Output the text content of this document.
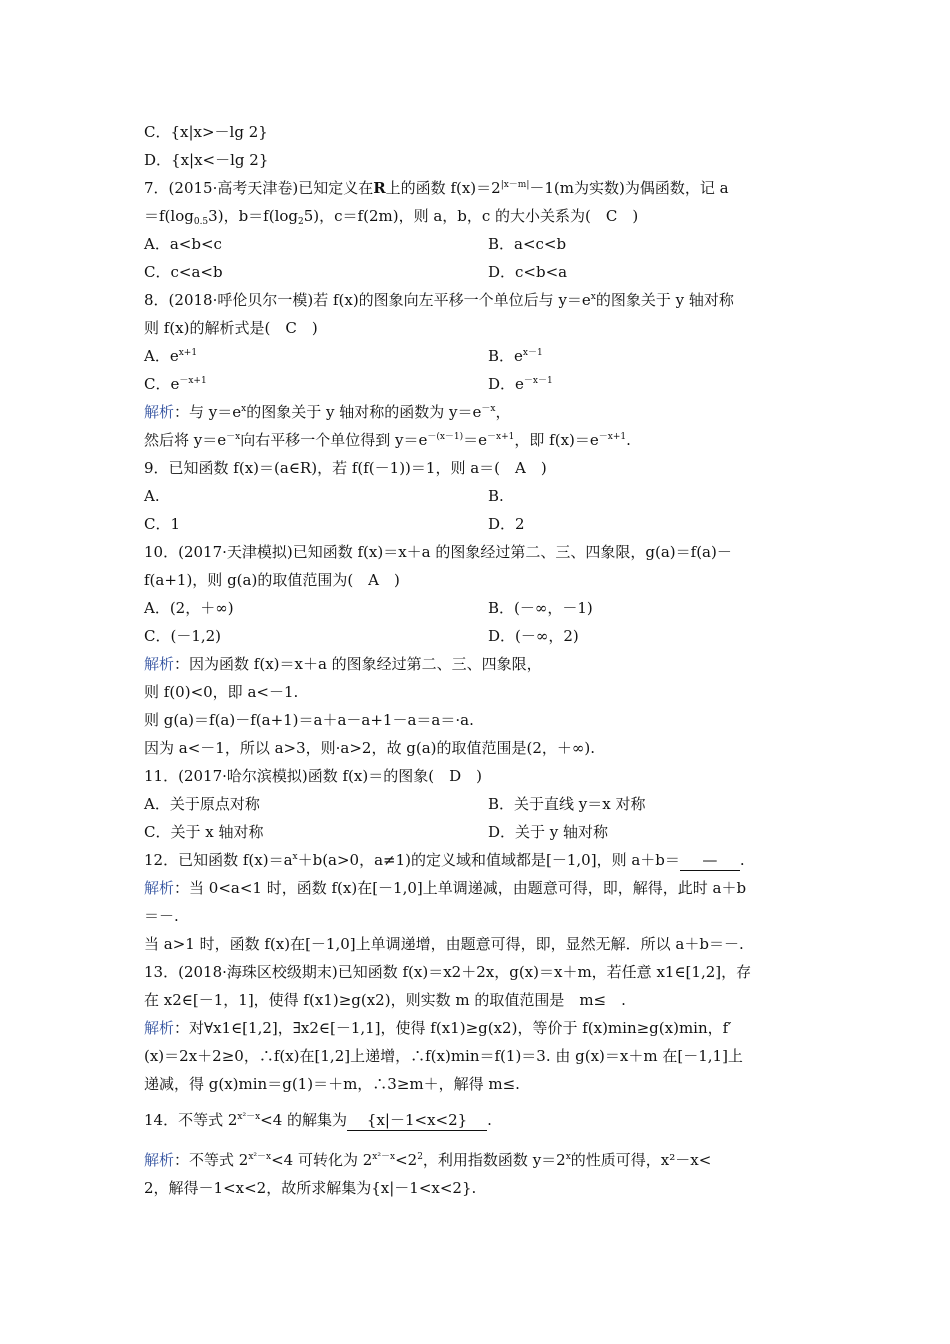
C．{x|x>－lg 2}
D．{x|x<－lg 2}
7．(2015·高考天津卷)已知定义在R上的函数 $f(x)=2^{|x-m|}-1(m$为实数)为偶函数，记 a
$=f(\log_{0.5}3)$，$b=f(\log_25)$，c＝f(2m)，则 a，b，c 的大小关系为(　C　)
A．a<b<c	B．a<c<b
C．c<a<b	D．c<b<a
8．(2018·呼伦贝尔一模)若 f(x)的图象向左平移一个单位后与 $y=e^x$的图象关于 y 轴对称
则 f(x)的解析式是(　C　)
A．$e^{x+1}$	B．$e^{x-1}$
C．$e^{-x+1}$	D．$e^{-x-1}$
解析：与 $y=e^x$的图象关于 y 轴对称的函数为 $y=e^{-x}$，
然后将 $y=e^{-x}$向右平移一个单位得到 $y=e^{-(x-1)}=e^{-x+1}$，即 $f(x)=e^{-x+1}$.
9．已知函数 f(x)＝(a∈R)，若 f(f(－1))＝1，则 a＝(　A　)
A.	B.
C．1	D．2
10．(2017·天津模拟)已知函数 f(x)＝x＋a 的图象经过第二、三、四象限，g(a)＝f(a)－
f(a+1)，则 g(a)的取值范围为(　A　)
A．(2，＋∞)	B．(－∞，－1)
C．(－1,2)	D．(－∞，2)
解析：因为函数 f(x)＝x＋a 的图象经过第二、三、四象限，
则 f(0)<0，即 a<－1.
则 g(a)＝f(a)－f(a+1)＝a＋a－a+1－a＝a＝·a.
因为 a<－1，所以 a>3，则·a>2，故 g(a)的取值范围是(2，＋∞).
11．(2017·哈尔滨模拟)函数 f(x)＝的图象(　D　)
A．关于原点对称	B．关于直线 y＝x 对称
C．关于 x 轴对称	D．关于 y 轴对称
12．已知函数 $f(x)=a^x+b(a>0$，a≠1)的定义域和值域都是[－1,0]，则 a＋b＝ — .
解析：当 0<a<1 时，函数 f(x)在[－1,0]上单调递减，由题意可得，即，解得，此时 a＋b
＝－.
当 a>1 时，函数 f(x)在[－1,0]上单调递增，由题意可得，即，显然无解．所以 a＋b＝－.
13．(2018·海珠区校级期末)已知函数 f(x)＝x2＋2x，g(x)＝x＋m，若任意 x1∈[1,2]，存
在 x2∈[－1，1]，使得 f(x1)≥g(x2)，则实数 m 的取值范围是　m≤　.
解析：对∀x1∈[1,2]，∃x2∈[－1,1]，使得 f(x1)≥g(x2)，等价于 f(x)min≥g(x)min，f′
(x)＝2x＋2≥0，∴f(x)在[1,2]上递增，∴f(x)min＝f(1)＝3. 由 g(x)＝x＋m 在[－1,1]上
递减，得 g(x)min＝g(1)＝＋m，∴3≥m＋，解得 m≤.
14．不等式 $2^{x^2-x}<4$ 的解集为 {x|－1<x<2} .
解析：不等式 $2^{x^2-x}<4$ 可转化为 $2^{x^2-x}<2^2$，利用指数函数 $y=2^x$的性质可得，x²－x<
2，解得－1<x<2，故所求解集为{x|－1<x<2}.
